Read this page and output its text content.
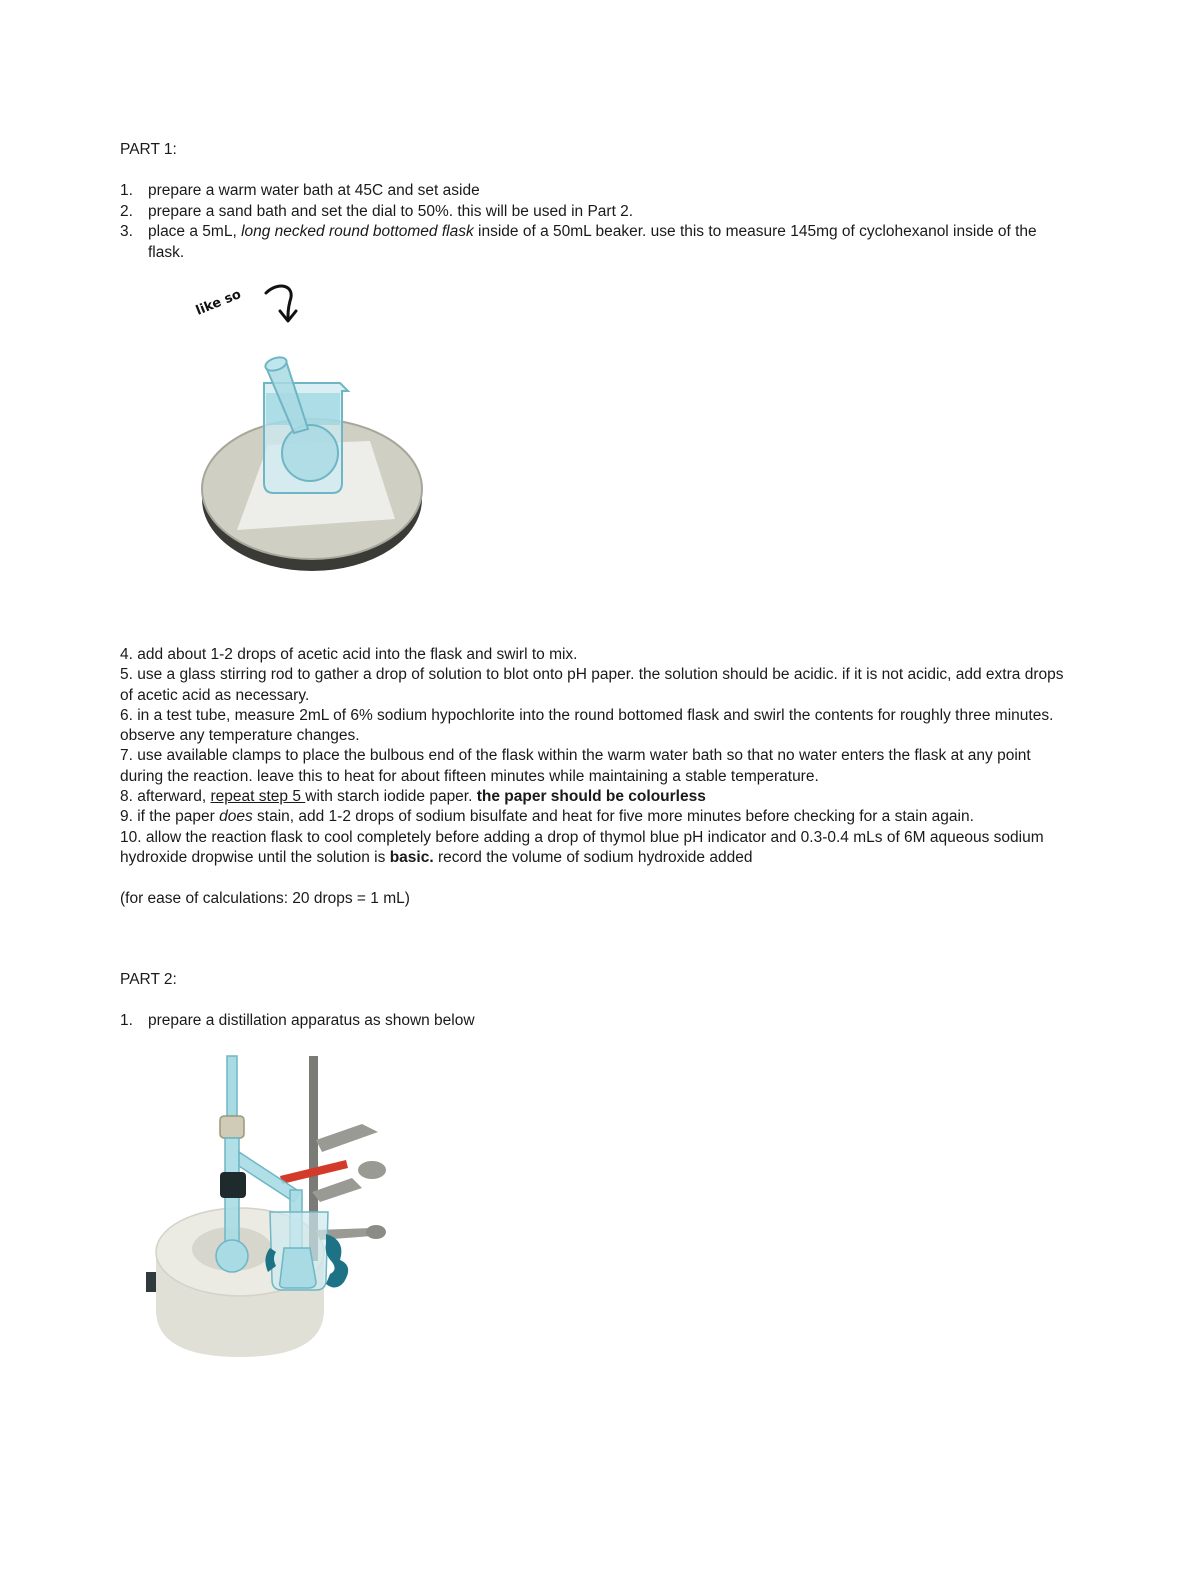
PART 1:
1. prepare a warm water bath at 45C and set aside
2. prepare a sand bath and set the dial to 50%. this will be used in Part 2.
3. place a 5mL, long necked round bottomed flask inside of a 50mL beaker. use this to measure 145mg of cyclohexanol inside of the flask.
like so

4. add about 1-2 drops of acetic acid into the flask and swirl to mix.

5. use a glass stirring rod to gather a drop of solution to blot onto pH paper. the solution should be acidic. if it is not acidic, add extra drops of acetic acid as necessary.

6. in a test tube, measure 2mL of 6% sodium hypochlorite into the round bottomed flask and swirl the contents for roughly three minutes. observe any temperature changes.

7. use available clamps to place the bulbous end of the flask within the warm water bath so that no water enters the flask at any point during the reaction. leave this to heat for about fifteen minutes while maintaining a stable temperature.

8. afterward, repeat step 5 with starch iodide paper. the paper should be colourless

9. if the paper does stain, add 1-2 drops of sodium bisulfate and heat for five more minutes before checking for a stain again.

10. allow the reaction flask to cool completely before adding a drop of thymol blue pH indicator and 0.3-0.4 mLs of 6M aqueous sodium hydroxide dropwise until the solution is basic. record the volume of sodium hydroxide added

(for ease of calculations: 20 drops = 1 mL)

PART 2:
1. prepare a distillation apparatus as shown below
